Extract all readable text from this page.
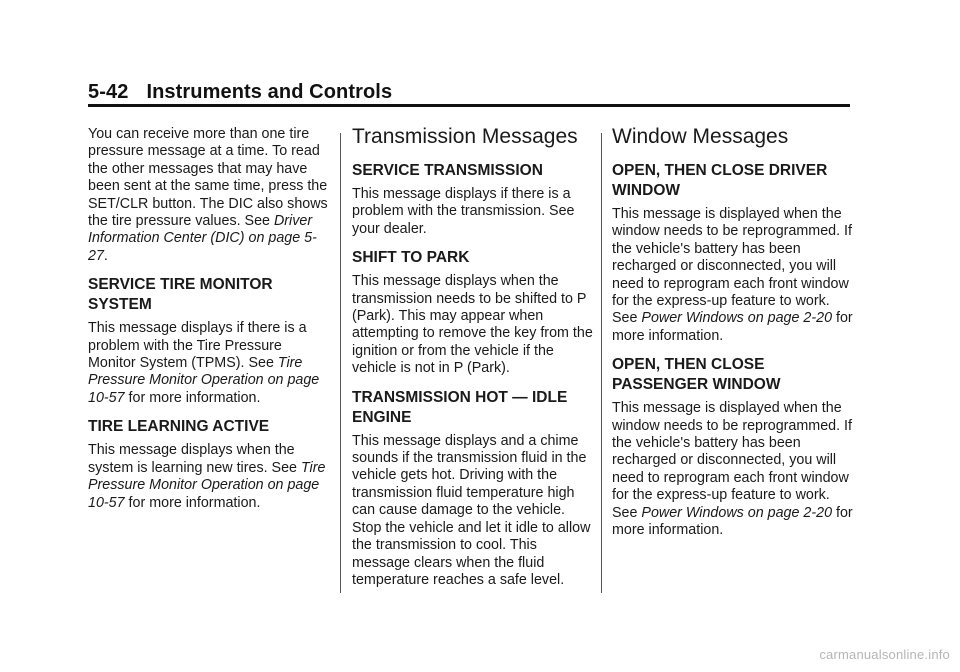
5-42 Instruments and Controls

You can receive more than one tire pressure message at a time. To read the other messages that may have been sent at the same time, press the SET/CLR button. The DIC also shows the tire pressure values. See Driver Information Center (DIC) on page 5-27.

SERVICE TIRE MONITOR SYSTEM

This message displays if there is a problem with the Tire Pressure Monitor System (TPMS). See Tire Pressure Monitor Operation on page 10-57 for more information.

TIRE LEARNING ACTIVE

This message displays when the system is learning new tires. See Tire Pressure Monitor Operation on page 10-57 for more information.

Transmission Messages
SERVICE TRANSMISSION

This message displays if there is a problem with the transmission. See your dealer.

SHIFT TO PARK

This message displays when the transmission needs to be shifted to P (Park). This may appear when attempting to remove the key from the ignition or from the vehicle if the vehicle is not in P (Park).

TRANSMISSION HOT — IDLE ENGINE

This message displays and a chime sounds if the transmission fluid in the vehicle gets hot. Driving with the transmission fluid temperature high can cause damage to the vehicle. Stop the vehicle and let it idle to allow the transmission to cool. This message clears when the fluid temperature reaches a safe level.

Window Messages
OPEN, THEN CLOSE DRIVER WINDOW

This message is displayed when the window needs to be reprogrammed. If the vehicle's battery has been recharged or disconnected, you will need to reprogram each front window for the express-up feature to work. See Power Windows on page 2-20 for more information.

OPEN, THEN CLOSE PASSENGER WINDOW

This message is displayed when the window needs to be reprogrammed. If the vehicle's battery has been recharged or disconnected, you will need to reprogram each front window for the express-up feature to work. See Power Windows on page 2-20 for more information.

carmanualsonline.info
